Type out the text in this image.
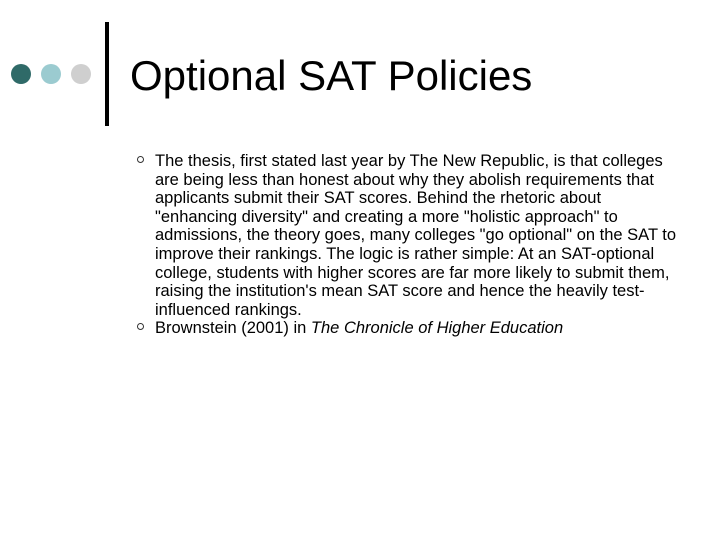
Optional SAT Policies
The thesis, first stated last year by The New Republic, is that colleges are being less than honest about why they abolish requirements that applicants submit their SAT scores. Behind the rhetoric about "enhancing diversity" and creating a more "holistic approach" to admissions, the theory goes, many colleges "go optional" on the SAT to improve their rankings. The logic is rather simple: At an SAT-optional college, students with higher scores are far more likely to submit them, raising the institution's mean SAT score and hence the heavily test-influenced rankings.
Brownstein (2001) in The Chronicle of Higher Education
